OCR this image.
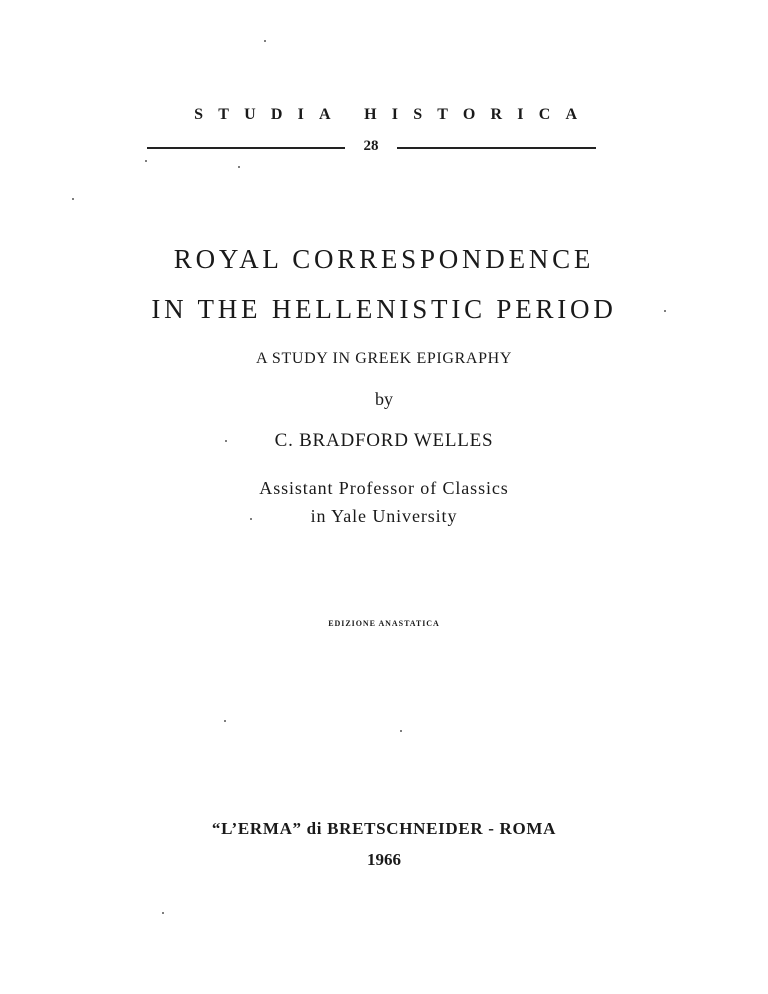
STUDIA HISTORICA
28
ROYAL CORRESPONDENCE
IN THE HELLENISTIC PERIOD
A STUDY IN GREEK EPIGRAPHY
by
C. BRADFORD WELLES
Assistant Professor of Classics
in Yale University
EDIZIONE ANASTATICA
“L’ERMA” di BRETSCHNEIDER - ROMA
1966
